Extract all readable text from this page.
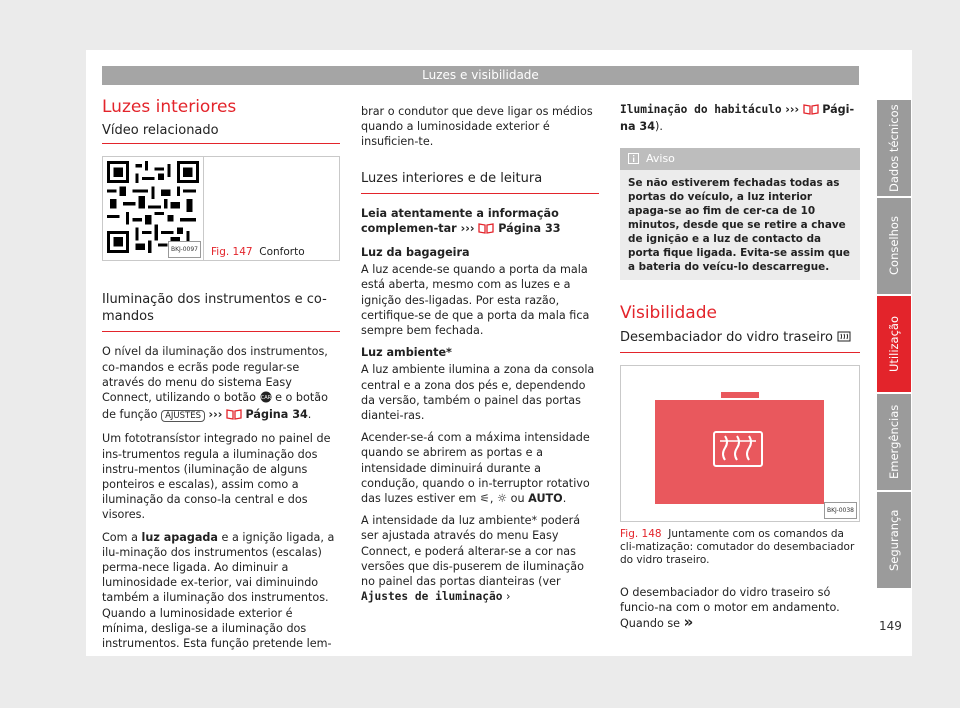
Luzes e visibilidade
Luzes interiores
Vídeo relacionado
BKJ-0097 Fig. 147 Conforto
Iluminação dos instrumentos e co-mandos

O nível da iluminação dos instrumentos, co-mandos e ecrãs pode regular-se através do menu do sistema Easy Connect, utilizando o botão CAR e o botão de função AJUSTES ››› Página 34.

Um fototransístor integrado no painel de ins-trumentos regula a iluminação dos instru-mentos (iluminação de alguns ponteiros e escalas), assim como a iluminação da conso-la central e dos visores.

Com a luz apagada e a ignição ligada, a ilu-minação dos instrumentos (escalas) perma-nece ligada. Ao diminuir a luminosidade ex-terior, vai diminuindo também a iluminação dos instrumentos. Quando a luminosidade exterior é mínima, desliga-se a iluminação dos instrumentos. Esta função pretende lem-

brar o condutor que deve ligar os médios quando a luminosidade exterior é insuficien-te.

Luzes interiores e de leitura

Leia atentamente a informação complemen-tar ››› Página 33

Luz da bagageira

A luz acende-se quando a porta da mala está aberta, mesmo com as luzes e a ignição des-ligadas. Por esta razão, certifique-se de que a porta da mala fica sempre bem fechada.

Luz ambiente*

A luz ambiente ilumina a zona da consola central e a zona dos pés e, dependendo da versão, também o painel das portas diantei-ras.

Acender-se-á com a máxima intensidade quando se abrirem as portas e a intensidade diminuirá durante a condução, quando o in-terruptor rotativo das luzes estiver em ⚟, ☼ ou AUTO.

A intensidade da luz ambiente* poderá ser ajustada através do menu Easy Connect, e poderá alterar-se a cor nas versões que dis-puserem de iluminação no painel das portas dianteiras (ver Ajustes de iluminação ›

Iluminação do habitáculo ››› Pági-na 34).

Aviso
Se não estiverem fechadas todas as portas do veículo, a luz interior apaga-se ao fim de cer-ca de 10 minutos, desde que se retire a chave de ignição e a luz de contacto da porta fique ligada. Evita-se assim que a bateria do veícu-lo descarregue.
Visibilidade
Desembaciador do vidro traseiro
BKJ-0038
Fig. 148 Juntamente com os comandos da cli-matização: comutador do desembaciador do vidro traseiro.

O desembaciador do vidro traseiro só funcio-na com o motor em andamento. Quando se »

Dados técnicos
Conselhos
Utilização
Emergências
Segurança
149
